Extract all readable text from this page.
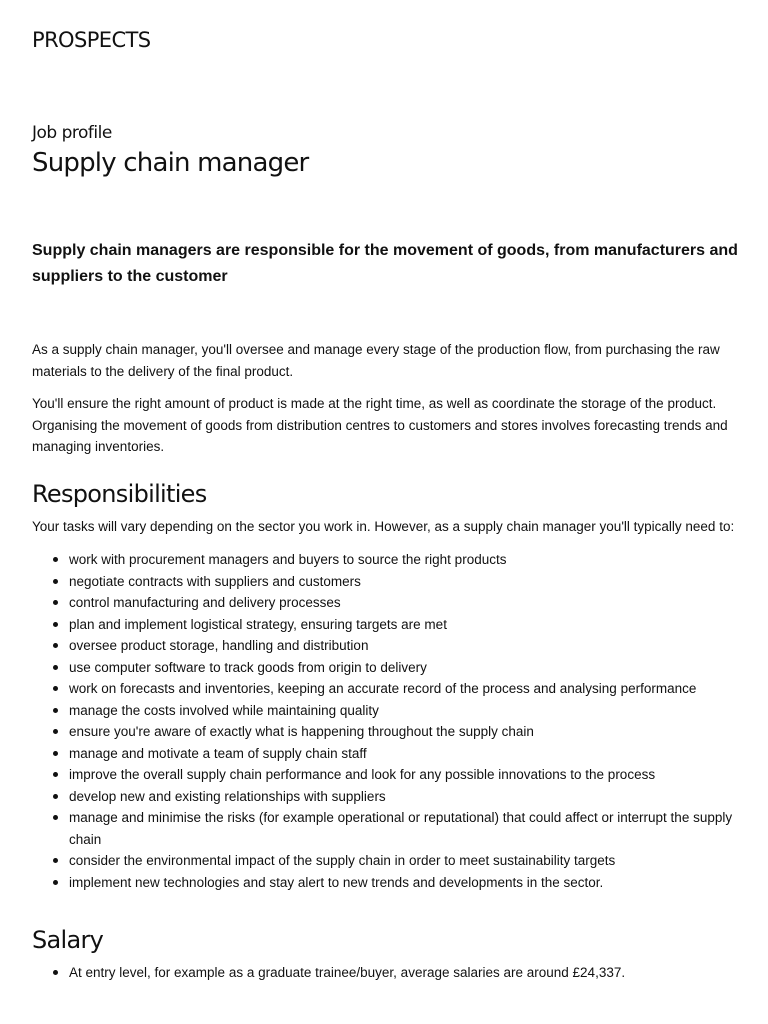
PROSPECTS
Job profile
Supply chain manager

Supply chain managers are responsible for the movement of goods, from manufacturers and suppliers to the customer

As a supply chain manager, you'll oversee and manage every stage of the production flow, from purchasing the raw materials to the delivery of the final product.

You'll ensure the right amount of product is made at the right time, as well as coordinate the storage of the product. Organising the movement of goods from distribution centres to customers and stores involves forecasting trends and managing inventories.

Responsibilities

Your tasks will vary depending on the sector you work in. However, as a supply chain manager you'll typically need to:

work with procurement managers and buyers to source the right products
negotiate contracts with suppliers and customers
control manufacturing and delivery processes
plan and implement logistical strategy, ensuring targets are met
oversee product storage, handling and distribution
use computer software to track goods from origin to delivery
work on forecasts and inventories, keeping an accurate record of the process and analysing performance
manage the costs involved while maintaining quality
ensure you're aware of exactly what is happening throughout the supply chain
manage and motivate a team of supply chain staff
improve the overall supply chain performance and look for any possible innovations to the process
develop new and existing relationships with suppliers
manage and minimise the risks (for example operational or reputational) that could affect or interrupt the supply chain
consider the environmental impact of the supply chain in order to meet sustainability targets
implement new technologies and stay alert to new trends and developments in the sector.
Salary
At entry level, for example as a graduate trainee/buyer, average salaries are around £24,337.
